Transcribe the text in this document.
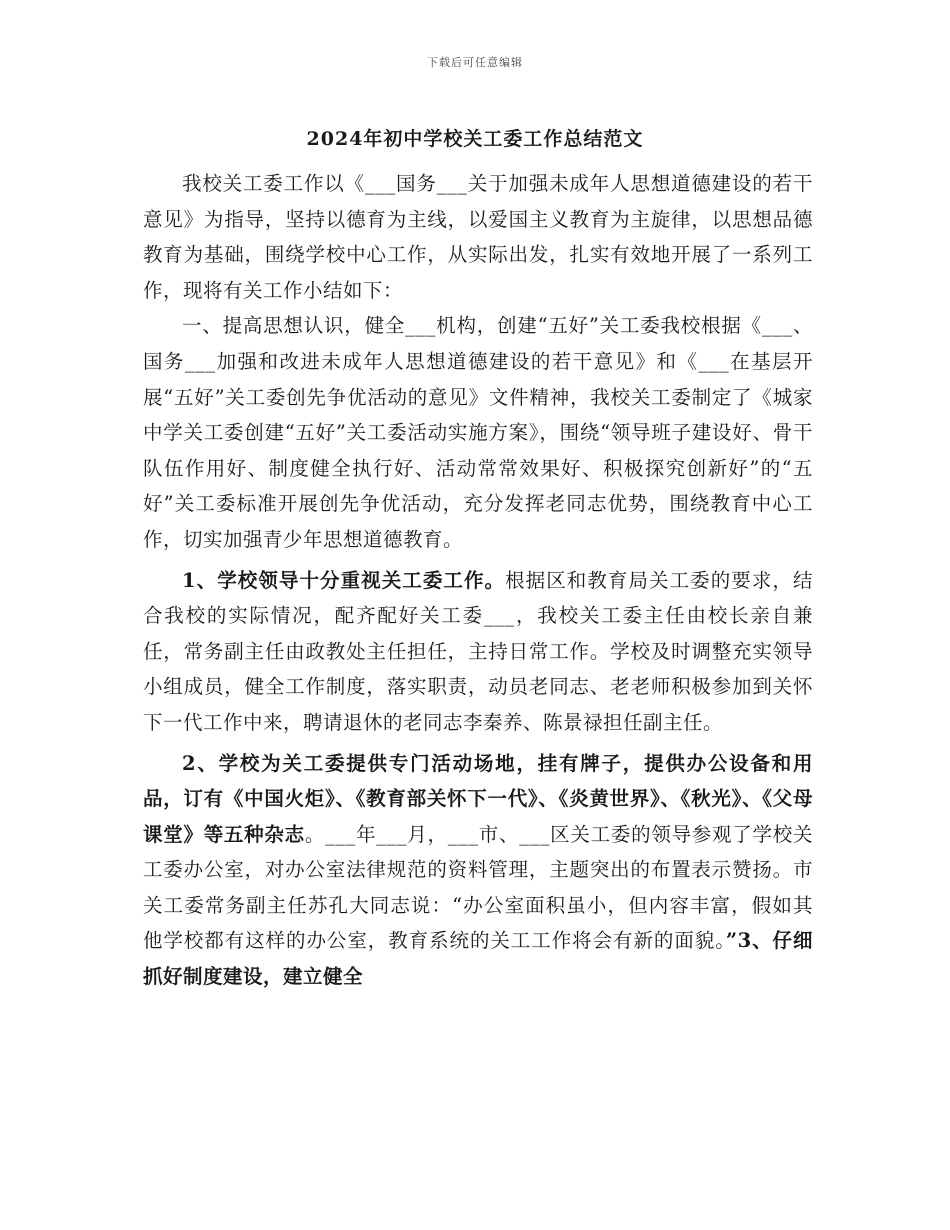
下载后可任意编辑
2024年初中学校关工委工作总结范文

我校关工委工作以《___国务___关于加强未成年人思想道德建设的若干意见》为指导，坚持以德育为主线，以爱国主义教育为主旋律，以思想品德教育为基础，围绕学校中心工作，从实际出发，扎实有效地开展了一系列工作，现将有关工作小结如下：

一、提高思想认识，健全___机构，创建“五好”关工委我校根据《___、国务___加强和改进未成年人思想道德建设的若干意见》和《___在基层开展“五好”关工委创先争优活动的意见》文件精神，我校关工委制定了《城家中学关工委创建“五好”关工委活动实施方案》，围绕“领导班子建设好、骨干队伍作用好、制度健全执行好、活动常常效果好、积极探究创新好”的“五好”关工委标准开展创先争优活动，充分发挥老同志优势，围绕教育中心工作，切实加强青少年思想道德教育。

1、学校领导十分重视关工委工作。根据区和教育局关工委的要求，结合我校的实际情况，配齐配好关工委___，我校关工委主任由校长亲自兼任，常务副主任由政教处主任担任，主持日常工作。学校及时调整充实领导小组成员，健全工作制度，落实职责，动员老同志、老老师积极参加到关怀下一代工作中来，聘请退休的老同志李秦养、陈景禄担任副主任。

2、学校为关工委提供专门活动场地，挂有牌子，提供办公设备和用品，订有《中国火炬》、《教育部关怀下一代》、《炎黄世界》、《秋光》、《父母课堂》等五种杂志。___年___月，___市、___区关工委的领导参观了学校关工委办公室，对办公室法律规范的资料管理，主题突出的布置表示赞扬。市关工委常务副主任苏孔大同志说：“办公室面积虽小，但内容丰富，假如其他学校都有这样的办公室，教育系统的关工工作将会有新的面貌。”3、仔细抓好制度建设，建立健全
